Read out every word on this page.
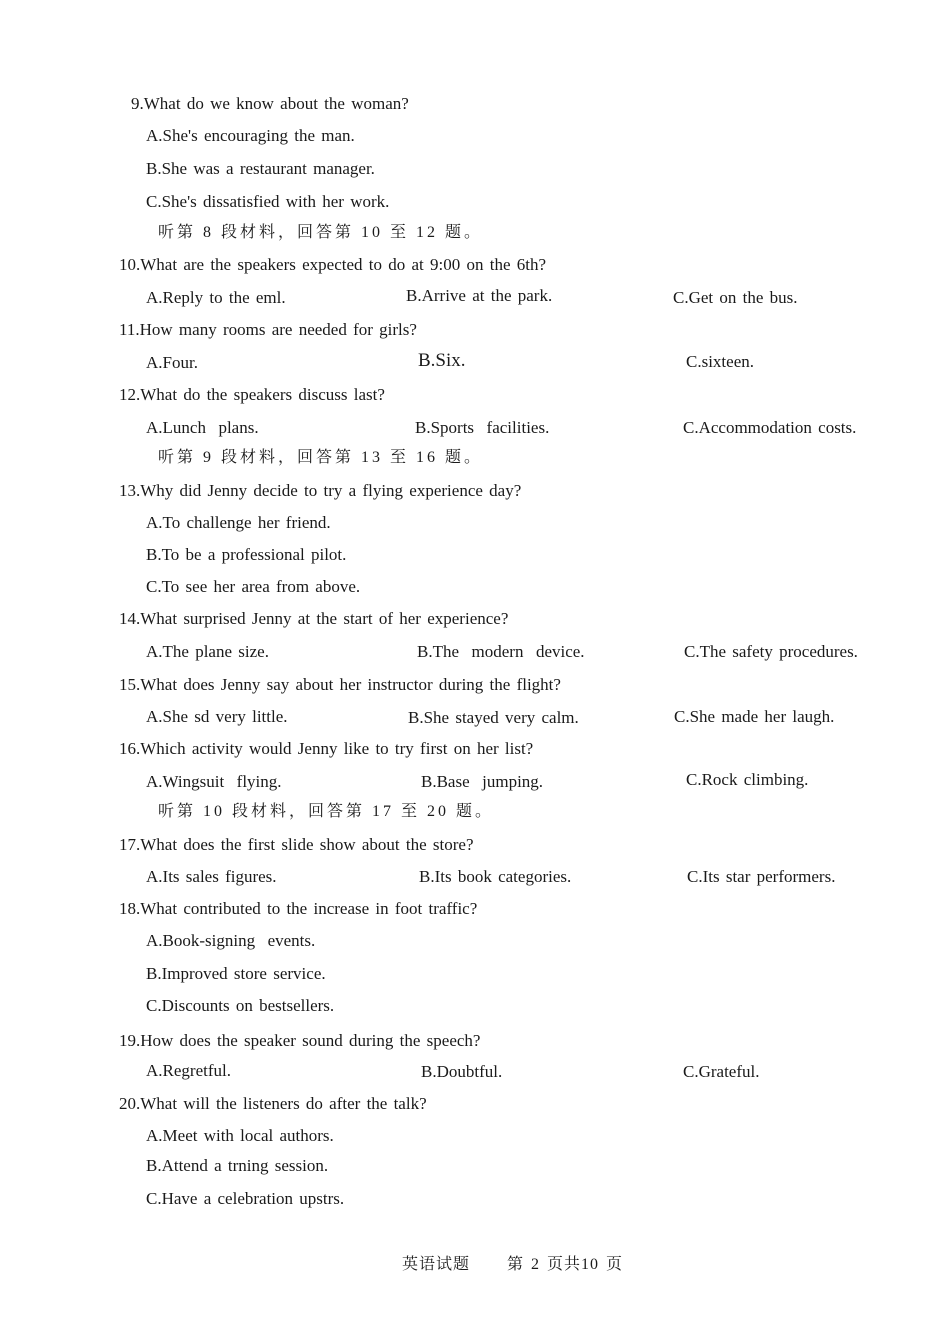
9.What do we know about the woman?
A.She's encouraging the man.
B.She was a restaurant manager.
C.She's dissatisfied with her work.
听第 8 段材料，回答第 10 至 12 题。
10.What are the speakers expected to do at 9:00 on the 6th?
A.Reply to the eml.	B.Arrive at the park.	C.Get on the bus.
11.How many rooms are needed for girls?
A.Four.	B.Six.	C.sixteen.
12.What do the speakers discuss last?
A.Lunch  plans.	B.Sports  facilities.	C.Accommodation costs.
听第 9 段材料，回答第 13 至 16 题。
13.Why did Jenny decide to try a flying experience day?
A.To challenge her friend.
B.To be a professional pilot.
C.To see her area from above.
14.What surprised Jenny at the start of her experience?
A.The plane size.	B.The  modern  device.	C.The safety procedures.
15.What does Jenny say about her instructor during the flight?
A.She sd very little.	B.She stayed very calm.	C.She made her laugh.
16.Which activity would Jenny like to try first on her list?
A.Wingsuit  flying.	B.Base  jumping.	C.Rock climbing.
听第 10 段材料，回答第 17 至 20 题。
17.What does the first slide show about the store?
A.Its sales figures.	B.Its book categories.	C.Its star performers.
18.What contributed to the increase in foot traffic?
A.Book-signing  events.
B.Improved store service.
C.Discounts on bestsellers.
19.How does the speaker sound during the speech?
A.Regretful.	B.Doubtful.	C.Grateful.
20.What will the listeners do after the talk?
A.Meet with local authors.
B.Attend a trning session.
C.Have a celebration upstrs.
英语试题 第 2 页共10 页
